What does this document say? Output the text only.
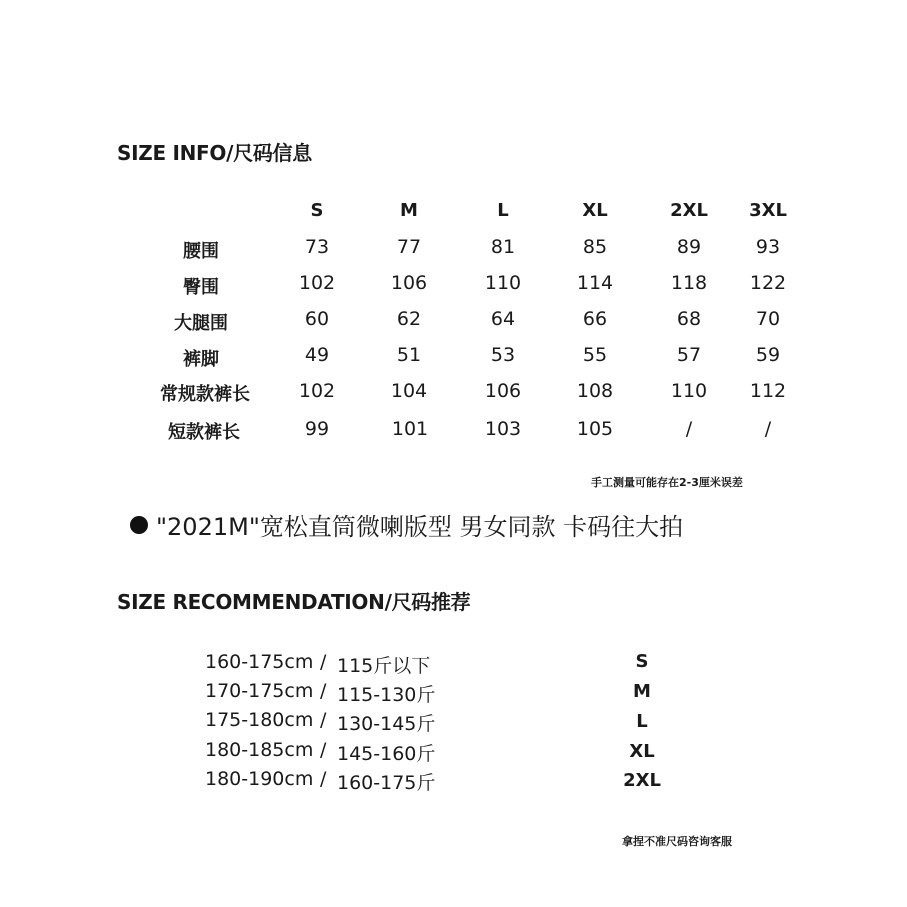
SIZE INFO/尺码信息
S	M	L	XL	2XL 3XL
腰围	73	77	81	85	89	93
臀围	102	106	110	114	118 122
大腿围	60	62	64	66	68	70
裤脚	49	51	53	55	57	59
常规款裤长	102	104	106	108	110 112
短款裤长	99	101	103	105	/	/
手工测量可能存在2-3厘米误差
"2021M"宽松直筒微喇版型 男女同款 卡码往大拍
SIZE RECOMMENDATION/尺码推荐
160-175cm / 115斤以下	S
170-175cm / 115-130斤	M
175-180cm / 130-145斤	L
180-185cm / 145-160斤	XL
180-190cm / 160-175斤	2XL
拿捏不准尺码咨询客服
